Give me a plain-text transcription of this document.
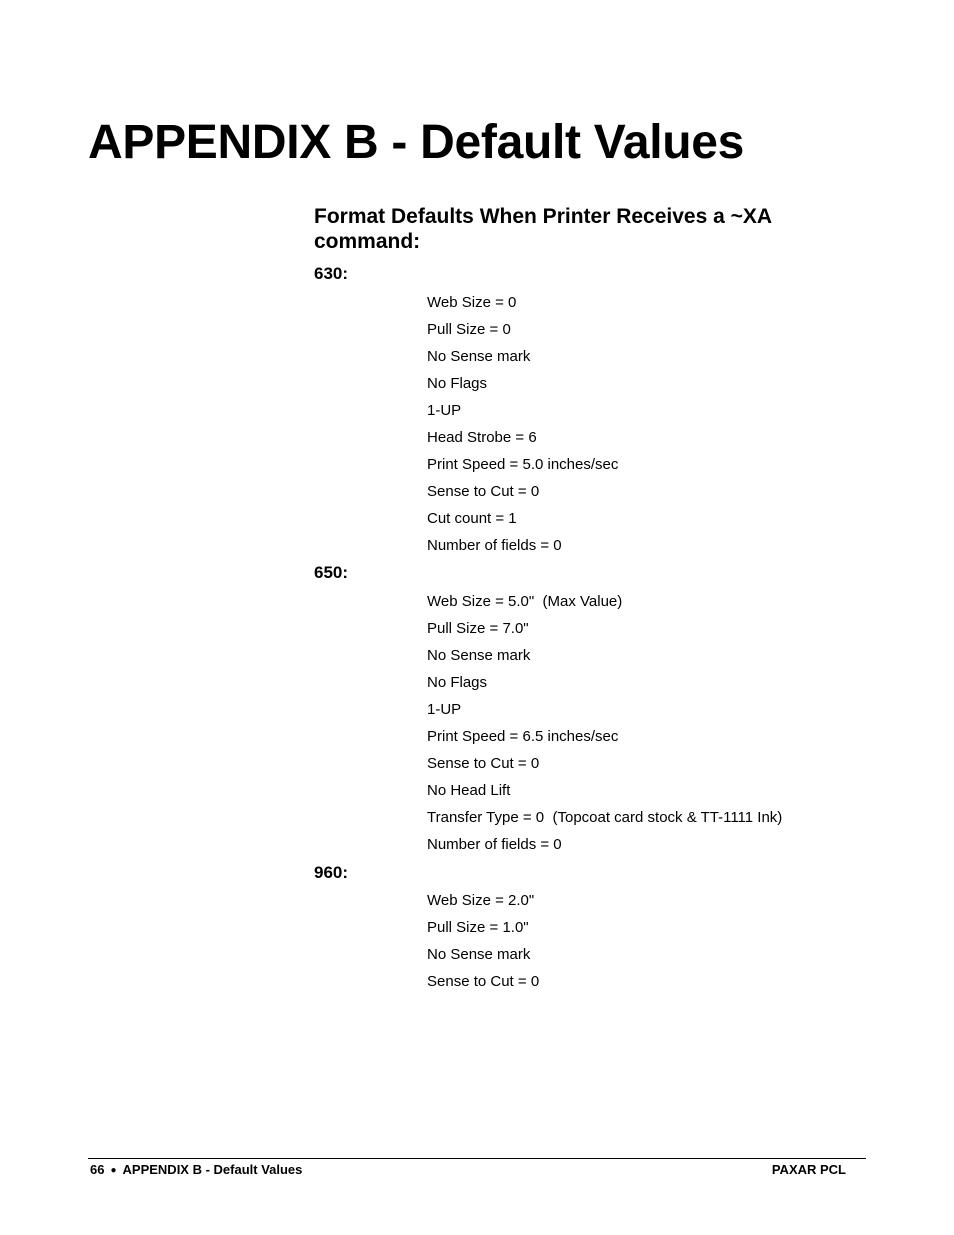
APPENDIX B - Default Values
Format Defaults When Printer Receives a ~XA command:
630:
Web Size = 0
Pull Size = 0
No Sense mark
No Flags
1-UP
Head Strobe = 6
Print Speed = 5.0 inches/sec
Sense to Cut = 0
Cut count = 1
Number of fields = 0
650:
Web Size = 5.0"  (Max Value)
Pull Size = 7.0"
No Sense mark
No Flags
1-UP
Print Speed = 6.5 inches/sec
Sense to Cut = 0
No Head Lift
Transfer Type = 0  (Topcoat card stock & TT-1111 Ink)
Number of fields = 0
960:
Web Size = 2.0"
Pull Size = 1.0"
No Sense mark
Sense to Cut = 0
66 ● APPENDIX B - Default Values	PAXAR PCL
